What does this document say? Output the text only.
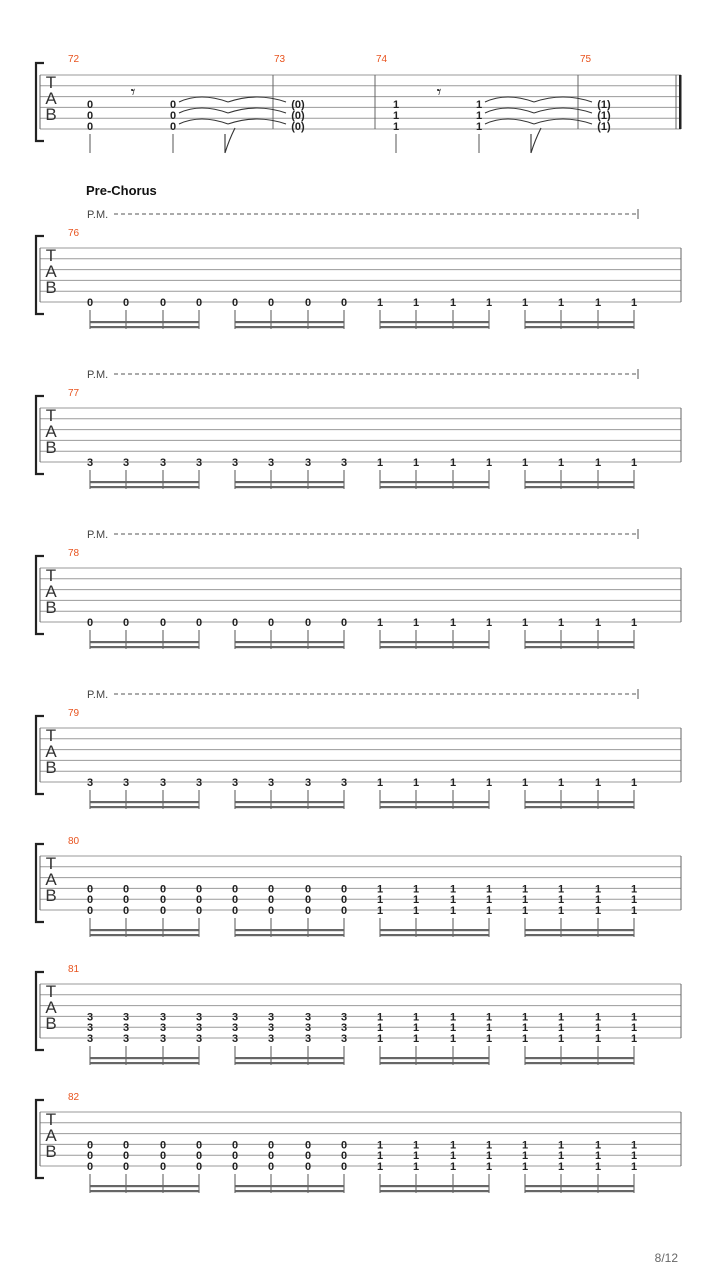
T
A
B
72	73	74	75
0
0
0
𝄾
0
0
0
(0)
(0)
(0)
1
1
1
𝄾
1
1
1
(1)
(1)
(1)
T
A
B
76
Pre-Chorus
P.M.
0	0	0	0	0	0	0	0	1	1	1	1	1	1	1	1
T
A
B
77
P.M.
3	3	3	3	3	3	3	3	1	1	1	1	1	1	1	1
T
A
B
78
P.M.
0	0	0	0	0	0	0	0	1	1	1	1	1	1	1	1
T
A
B
79
P.M.
3	3	3	3	3	3	3	3	1	1	1	1	1	1	1	1
T
A
B
80
0
0
0
0
0
0
0
0
0
0
0
0
0
0
0
0
0
0
0
0
0
0
0
0
1
1
1
1
1
1
1
1
1
1
1
1
1
1
1
1
1
1
1
1
1
1
1
1
T
A
B
81
3
3
3
3
3
3
3
3
3
3
3
3
3
3
3
3
3
3
3
3
3
3
3
3
1
1
1
1
1
1
1
1
1
1
1
1
1
1
1
1
1
1
1
1
1
1
1
1
T
A
B
82
0
0
0
0
0
0
0
0
0
0
0
0
0
0
0
0
0
0
0
0
0
0
0
0
1
1
1
1
1
1
1
1
1
1
1
1
1
1
1
1
1
1
1
1
1
1
1
1
8/12
